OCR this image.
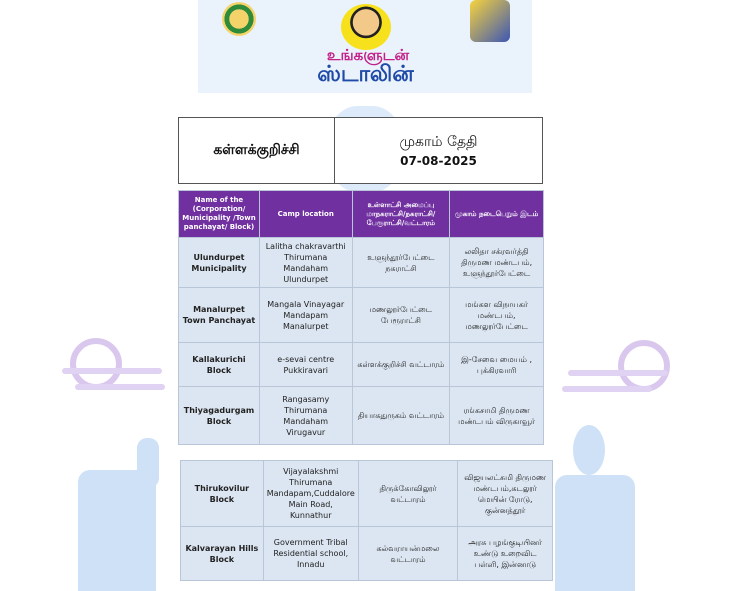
உங்களுடன்
ஸ்டாலின்
கள்ளக்குறிச்சி	முகாம் தேதி
07-08-2025
Name of the (Corporation/ Municipality /Town panchayat/ Block)	Camp location	உள்ளாட்சி அமைப்பு மாநகராட்சி/நகராட்சி/ பேரூராட்சி/வட்டாரம்	முகாம் நடைபெறும் இடம்
Ulundurpet Municipality	Lalitha chakravarthi Thirumana Mandaham Ulundurpet	உளுந்தூர்பேட்டை நகராட்சி	லலிதா சக்ரவர்த்தி திருமண மண்டபம், உளுந்தூர்பேட்டை
Manalurpet Town Panchayat	Mangala Vinayagar Mandapam Manalurpet	மணலூர்பேட்டை பேரூராட்சி	மங்கள விநாயகர் மண்டபம், மணலூர்பேட்டை
Kallakurichi Block	e-sevai centre Pukkiravari	கள்ளக்குறிச்சி வட்டாரம்	இ-சேவை மையம் , புக்கிரவாரி
Thiyagadurgam Block	Rangasamy Thirumana Mandaham Virugavur	தியாகதுருகம் வட்டாரம்	ரங்கசாமி திருமண மண்டபம் விருகாவூர்
Thirukovilur Block	Vijayalakshmi Thirumana Mandapam,Cuddalore Main Road, Kunnathur	திருக்கோவிலூர் வட்டாரம்	விஜயலட்சுமி திருமண மண்டபம்,கடலூர் மெயின் ரோடு, குன்னத்தூர்
Kalvarayan Hills Block	Government Tribal Residential school, Innadu	கல்வராயன்மலை வட்டாரம்	அரசு பழங்குடியினர் உண்டு உறைவிட பள்ளி, இன்னாடு
